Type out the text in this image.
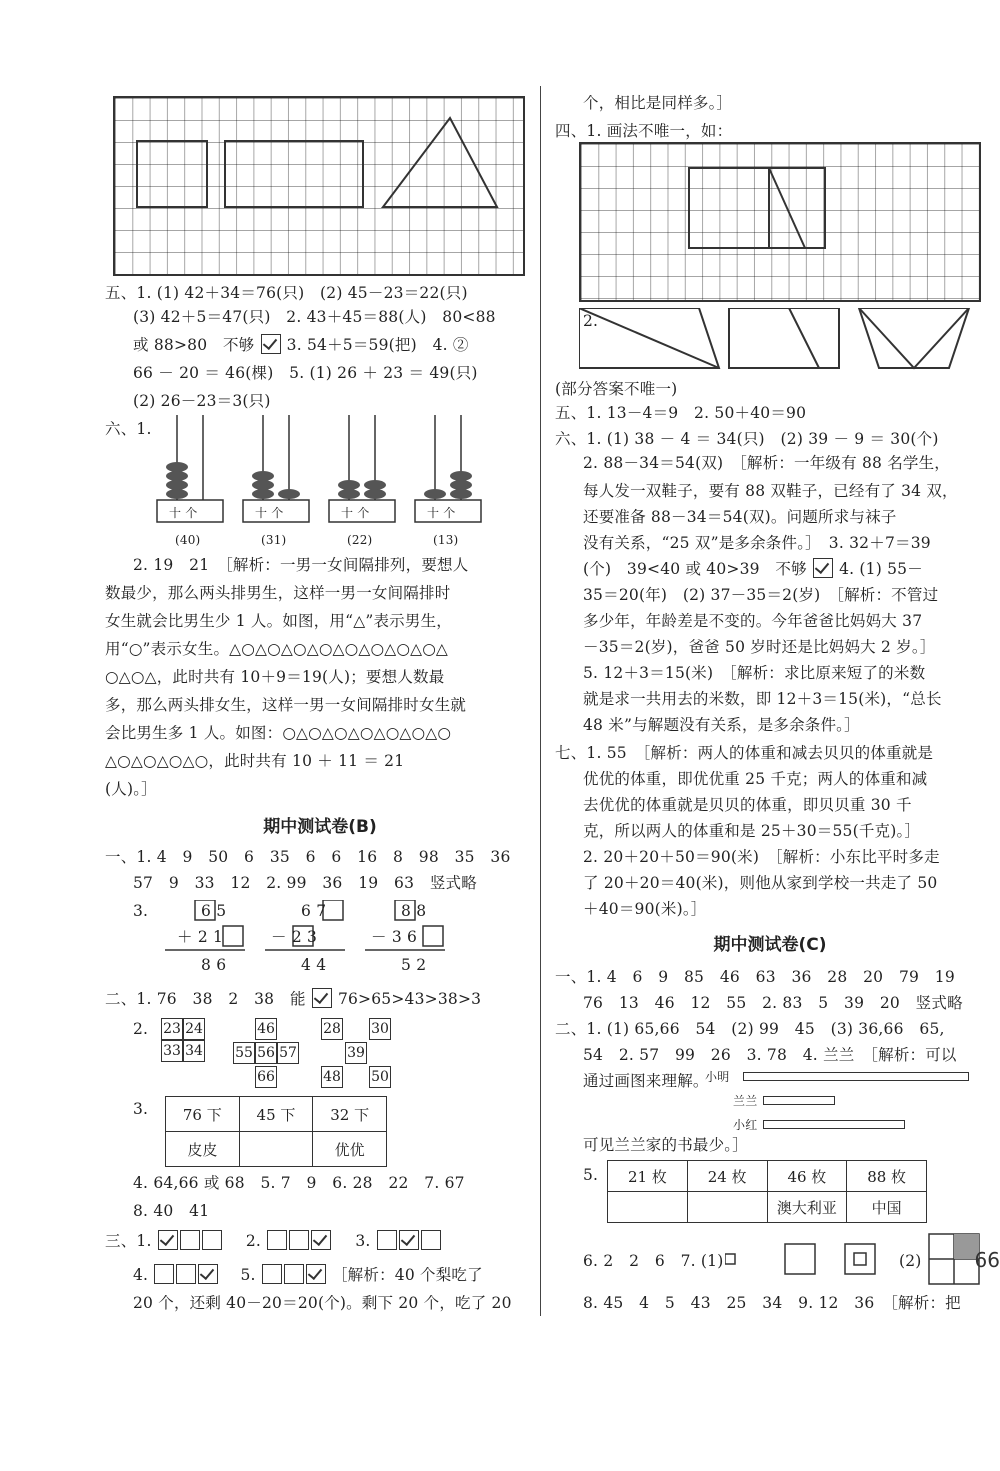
五、1. (1) 42＋34＝76(只)　(2) 45－23＝22(只)
(3) 42＋5＝47(只)　2. 43＋45＝88(人)　80<88
或 88>80　不够 3. 54＋5＝59(把)　4. ②
66 － 20 ＝ 46(棵)　5. (1) 26 ＋ 23 ＝ 49(只)
(2) 26－23＝3(只)
六、1.
十 个	十 个	十 个	十 个
(40)	(31)	(22)	(13)
2. 19　21　［解析：一男一女间隔排列，要想人
数最少，那么两头排男生，这样一男一女间隔排时
女生就会比男生少 1 人。如图，用“△”表示男生，
用“○”表示女生。△○△○△○△○△○△○△○△○△
○△○△，此时共有 10＋9＝19(人)；要想人数最
多，那么两头排女生，这样一男一女间隔排时女生就
会比男生多 1 人。如图：○△○△○△○△○△○△○
△○△○△○△○，此时共有 10 ＋ 11 ＝ 21
(人)。］
期中测试卷(B)
一、1. 4　9　50　6　35　6　6　16　8　98　35　36
57　9　33　12　2. 99　36　19　63　竖式略
3.	6 5
＋ 2 1
8 6
6 7
－ 2 3
4 4
8 8
－ 3 6
5 2
二、1. 76　38　2　38　能 76>65>43>38>3
2. 23 24
33 34
46
55 56 57
66
28 30
39
48 50
3. 76 下	45 下	32 下
皮皮		优优
4. 64,66 或 68　5. 7　9　6. 28　22　7. 67
8. 40　41
三、1.	2.	3.
4.	5.	［解析：40 个梨吃了
20 个，还剩 40－20＝20(个)。剩下 20 个，吃了 20
个，相比是同样多。］
四、1. 画法不唯一，如：
2.
(部分答案不唯一)
五、1. 13－4＝9　2. 50＋40＝90
六、1. (1) 38 － 4 ＝ 34(只)　(2) 39 － 9 ＝ 30(个)
2. 88－34＝54(双)　［解析：一年级有 88 名学生，
每人发一双鞋子，要有 88 双鞋子，已经有了 34 双，
还要准备 88－34＝54(双)。问题所求与袜子
没有关系，“25 双”是多余条件。］　3. 32＋7＝39
(个)　39<40 或 40>39　不够 4. (1) 55－
35＝20(年)　(2) 37－35＝2(岁)　［解析：不管过
多少年，年龄差是不变的。今年爸爸比妈妈大 37
－35＝2(岁)，爸爸 50 岁时还是比妈妈大 2 岁。］
5. 12＋3＝15(米)　［解析：求比原来短了的米数
就是求一共用去的米数，即 12＋3＝15(米)，“总长
48 米”与解题没有关系，是多余条件。］
七、1. 55　［解析：两人的体重和减去贝贝的体重就是
优优的体重，即优优重 25 千克；两人的体重和减
去优优的体重就是贝贝的体重，即贝贝重 30 千
克，所以两人的体重和是 25＋30＝55(千克)。］
2. 20＋20＋50＝90(米)　［解析：小东比平时多走
了 20＋20＝40(米)，则他从家到学校一共走了 50
＋40＝90(米)。］
期中测试卷(C)
一、1. 4　6　9　85　46　63　36　28　20　79　19
76　13　46　12　55　2. 83　5　39　20　竖式略
二、1. (1) 65,66　54　(2) 99　45　(3) 36,66　65,
54　2. 57　99　26　3. 78　4. 兰兰　［解析：可以
通过画图来理解。
小明
兰兰
小红
可见兰兰家的书最少。］
5. 21 枚	24 枚	46 枚	88 枚
		澳大利亚	中国
6. 2　2　6　7. (1)	(2)
8. 45　4　5　43　25　34　9. 12　36　［解析：把
66
